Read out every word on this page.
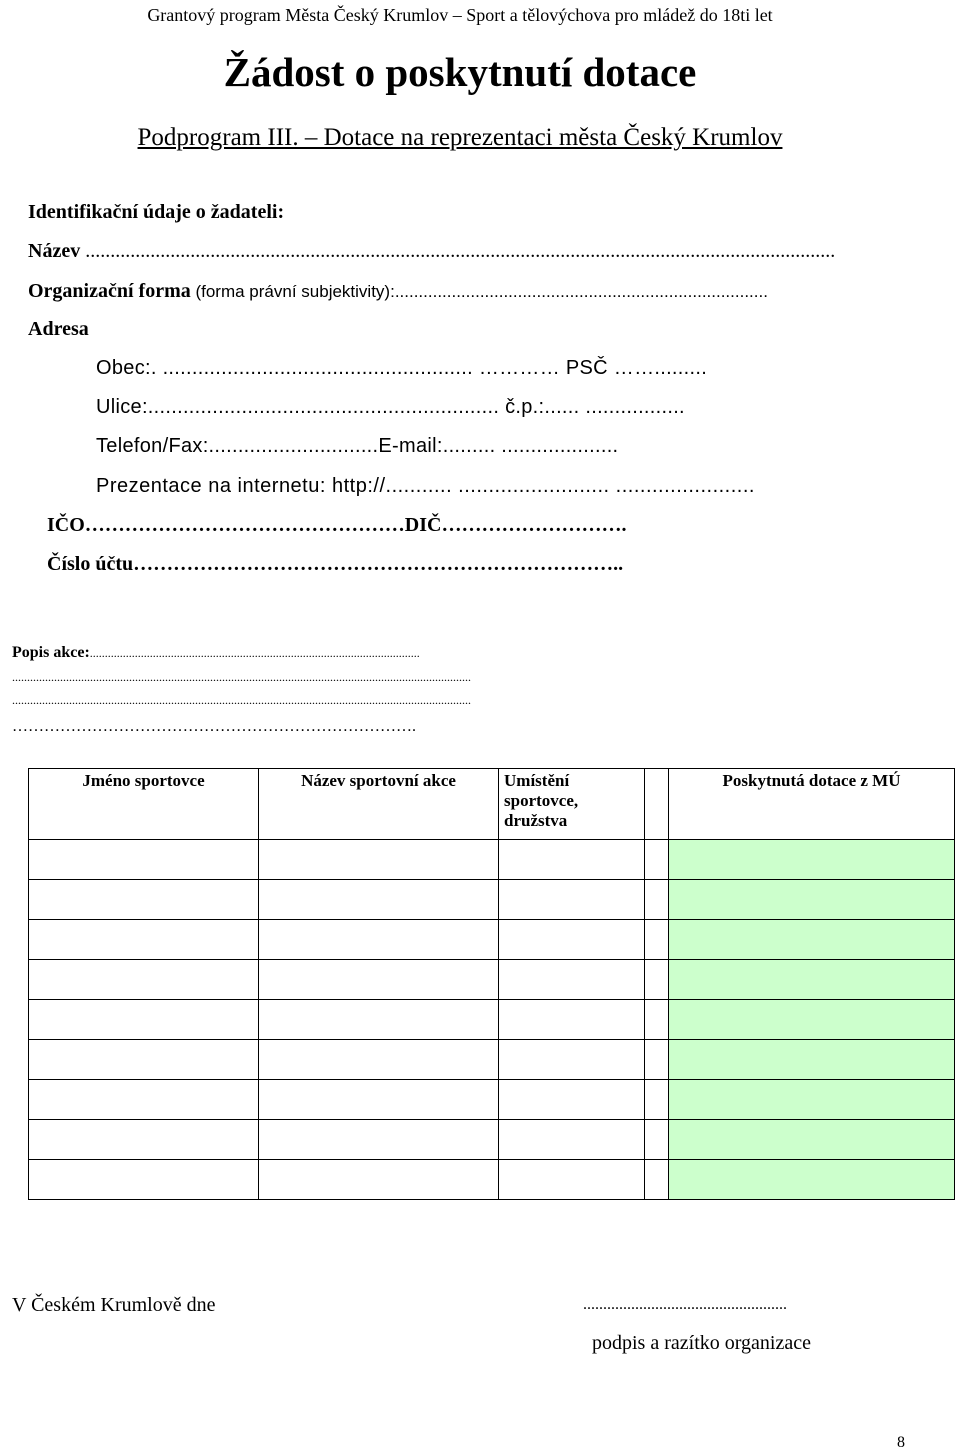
Grantový program Města Český Krumlov – Sport a tělovýchova pro mládež do 18ti let
Žádost o poskytnutí dotace
Podprogram III. – Dotace na reprezentaci města Český Krumlov
Identifikační údaje o žadateli:
Název ......................................................................................................................................................
Organizační forma (forma právní subjektivity):...............................................................................
Adresa
Obec:. ..................................................... ………… PSČ …….........
Ulice:............................................................ č.p.:...... .................
Telefon/Fax:.............................E-mail:......... ....................
Prezentace na internetu: http://........... ......................... .......................
IČO…………………………………………DIČ……………………….
Číslo účtu………………………………………………………………..
Popis akce:..............................................................................................................
.........................................................................................................................................................
.........................................................................................................................................................
………………………………………………………………….
Jméno sportovce	Název sportovní akce	Umístění sportovce, družstva		Poskytnutá dotace z MÚ

V Českém Krumlově dne	...................................................
podpis a razítko organizace
8
